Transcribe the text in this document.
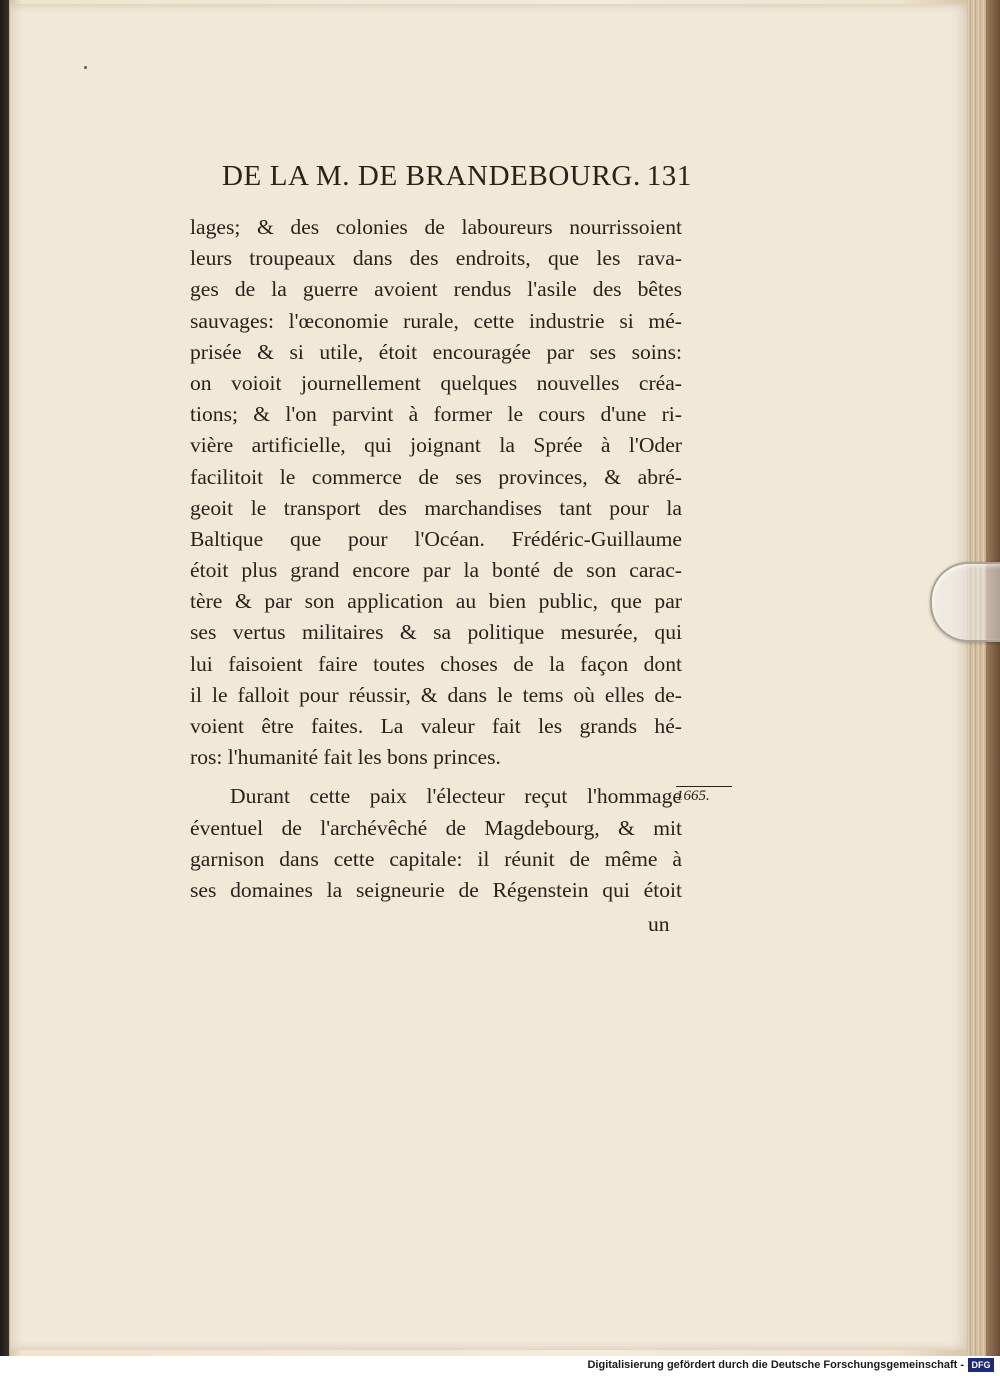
DE LA M. DE BRANDEBOURG. 131
lages; & des colonies de laboureurs nourrissoient
leurs troupeaux dans des endroits, que les rava-
ges de la guerre avoient rendus l'asile des bêtes
sauvages: l'œconomie rurale, cette industrie si mé-
prisée & si utile, étoit encouragée par ses soins:
on voioit journellement quelques nouvelles créa-
tions; & l'on parvint à former le cours d'une ri-
vière artificielle, qui joignant la Sprée à l'Oder
facilitoit le commerce de ses provinces, & abré-
geoit le transport des marchandises tant pour la
Baltique que pour l'Océan. Frédéric-Guillaume
étoit plus grand encore par la bonté de son carac-
tère & par son application au bien public, que par
ses vertus militaires & sa politique mesurée, qui
lui faisoient faire toutes choses de la façon dont
il le falloit pour réussir, & dans le tems où elles de-
voient être faites. La valeur fait les grands hé-
ros: l'humanité fait les bons princes.
Durant cette paix l'électeur reçut l'hommage
éventuel de l'archévêché de Magdebourg, & mit
garnison dans cette capitale: il réunit de même à
ses domaines la seigneurie de Régenstein qui étoit
1665.
un
Digitalisierung gefördert durch die Deutsche Forschungsgemeinschaft - DFG
